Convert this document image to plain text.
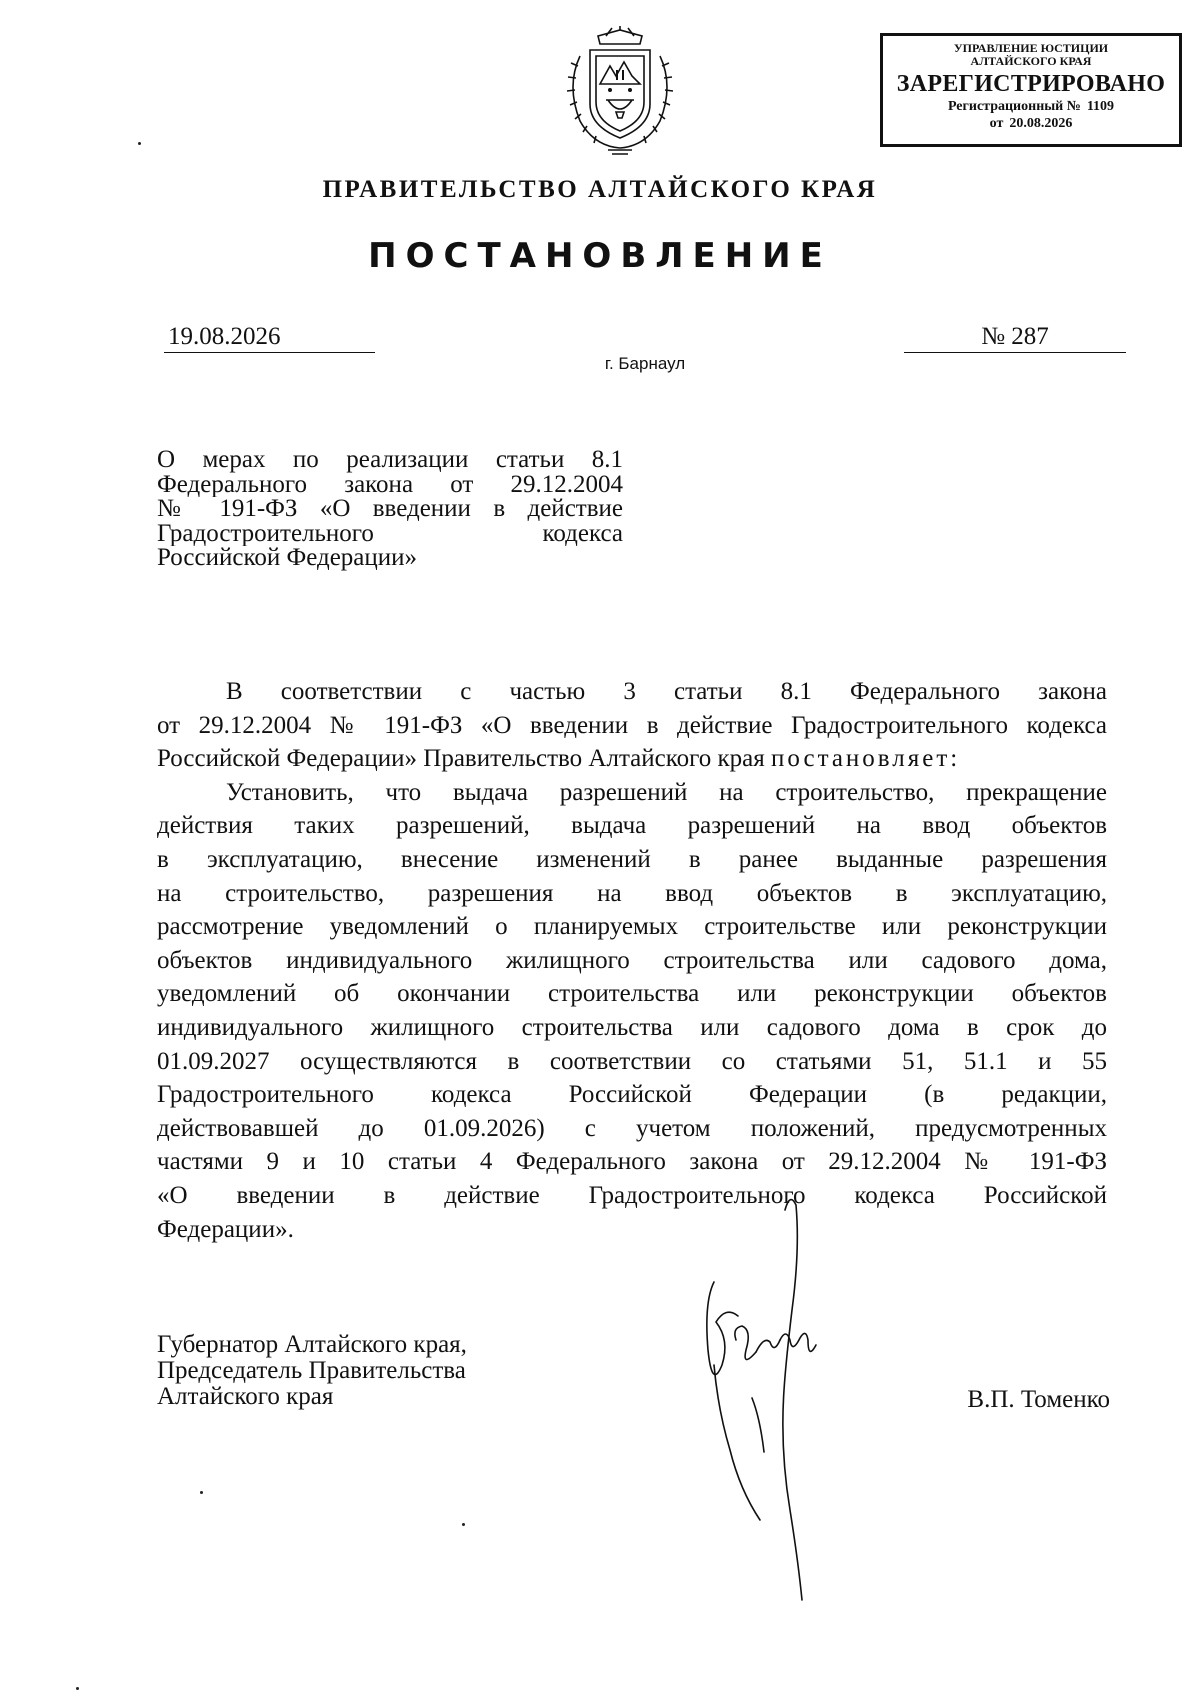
УПРАВЛЕНИЕ ЮСТИЦИИ
АЛТАЙСКОГО КРАЯ
ЗАРЕГИСТРИРОВАНО
Регистрационный № 1109
от 20.08.2026
ПРАВИТЕЛЬСТВО АЛТАЙСКОГО КРАЯ
ПОСТАНОВЛЕНИЕ
19.08.2026	№ 287
г. Барнаул
О мерах по реализации статьи 8.1
Федерального закона от 29.12.2004
№ 191-ФЗ «О введении в действие
Градостроительного кодекса
Российской Федерации»
В соответствии с частью 3 статьи 8.1 Федерального закона
от 29.12.2004 № 191-ФЗ «О введении в действие Градостроительного кодекса
Российской Федерации» Правительство Алтайского края постановляет:
Установить, что выдача разрешений на строительство, прекращение
действия таких разрешений, выдача разрешений на ввод объектов
в эксплуатацию, внесение изменений в ранее выданные разрешения
на строительство, разрешения на ввод объектов в эксплуатацию,
рассмотрение уведомлений о планируемых строительстве или реконструкции
объектов индивидуального жилищного строительства или садового дома,
уведомлений об окончании строительства или реконструкции объектов
индивидуального жилищного строительства или садового дома в срок до
01.09.2027 осуществляются в соответствии со статьями 51, 51.1 и 55
Градостроительного кодекса Российской Федерации (в редакции,
действовавшей до 01.09.2026) с учетом положений, предусмотренных
частями 9 и 10 статьи 4 Федерального закона от 29.12.2004 № 191-ФЗ
«О введении в действие Градостроительного кодекса Российской
Федерации».
Губернатор Алтайского края,
Председатель Правительства
Алтайского края	В.П. Томенко
